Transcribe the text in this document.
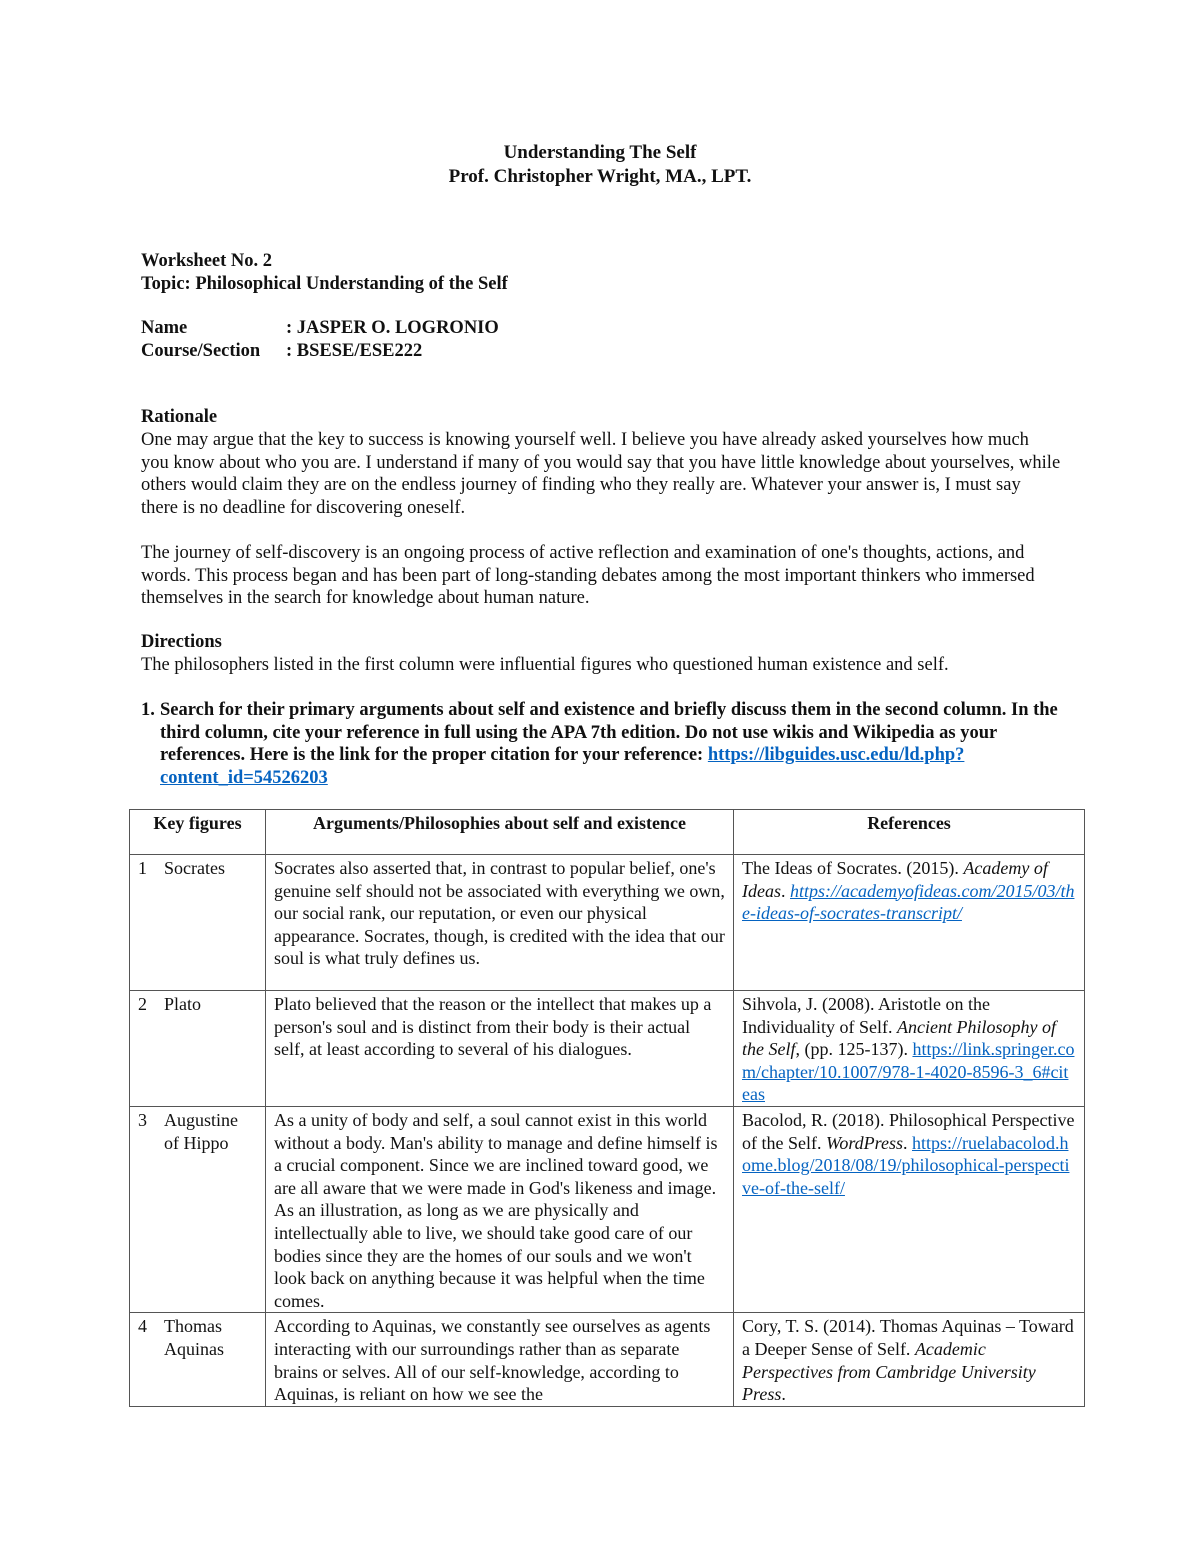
Understanding The Self
Prof. Christopher Wright, MA., LPT.
Worksheet No. 2
Topic: Philosophical Understanding of the Self
Name	: JASPER O. LOGRONIO
Course/Section : BSESE/ESE222
Rationale
One may argue that the key to success is knowing yourself well. I believe you have already asked yourselves how much you know about who you are. I understand if many of you would say that you have little knowledge about yourselves, while others would claim they are on the endless journey of finding who they really are. Whatever your answer is, I must say there is no deadline for discovering oneself.
The journey of self-discovery is an ongoing process of active reflection and examination of one's thoughts, actions, and words. This process began and has been part of long-standing debates among the most important thinkers who immersed themselves in the search for knowledge about human nature.
Directions
The philosophers listed in the first column were influential figures who questioned human existence and self.
1. Search for their primary arguments about self and existence and briefly discuss them in the second column. In the third column, cite your reference in full using the APA 7th edition. Do not use wikis and Wikipedia as your references. Here is the link for the proper citation for your reference: https://libguides.usc.edu/ld.php?
content_id=54526203
Key figures	Arguments/Philosophies about self and existence	References

1 Socrates	Socrates also asserted that, in contrast to popular belief, one's genuine self should not be associated with everything we own, our social rank, our reputation, or even our physical appearance. Socrates, though, is credited with the idea that our soul is what truly defines us.	The Ideas of Socrates. (2015). Academy of Ideas. https://academyofideas.com/2015/03/the-ideas-of-socrates-transcript/

2 Plato	Plato believed that the reason or the intellect that makes up a person's soul and is distinct from their body is their actual self, at least according to several of his dialogues.	Sihvola, J. (2008). Aristotle on the Individuality of Self. Ancient Philosophy of the Self, (pp. 125-137). https://link.springer.com/chapter/10.1007/978-1-4020-8596-3_6#citeas

3 Augustine of Hippo	As a unity of body and self, a soul cannot exist in this world without a body. Man's ability to manage and define himself is a crucial component. Since we are inclined toward good, we are all aware that we were made in God's likeness and image. As an illustration, as long as we are physically and intellectually able to live, we should take good care of our bodies since they are the homes of our souls and we won't look back on anything because it was helpful when the time comes.	Bacolod, R. (2018). Philosophical Perspective of the Self. WordPress. https://ruelabacolod.home.blog/2018/08/19/philosophical-perspective-of-the-self/

4 Thomas Aquinas	According to Aquinas, we constantly see ourselves as agents interacting with our surroundings rather than as separate brains or selves. All of our self-knowledge, according to Aquinas, is reliant on how we see the	Cory, T. S. (2014). Thomas Aquinas – Toward a Deeper Sense of Self. Academic Perspectives from Cambridge University Press.
